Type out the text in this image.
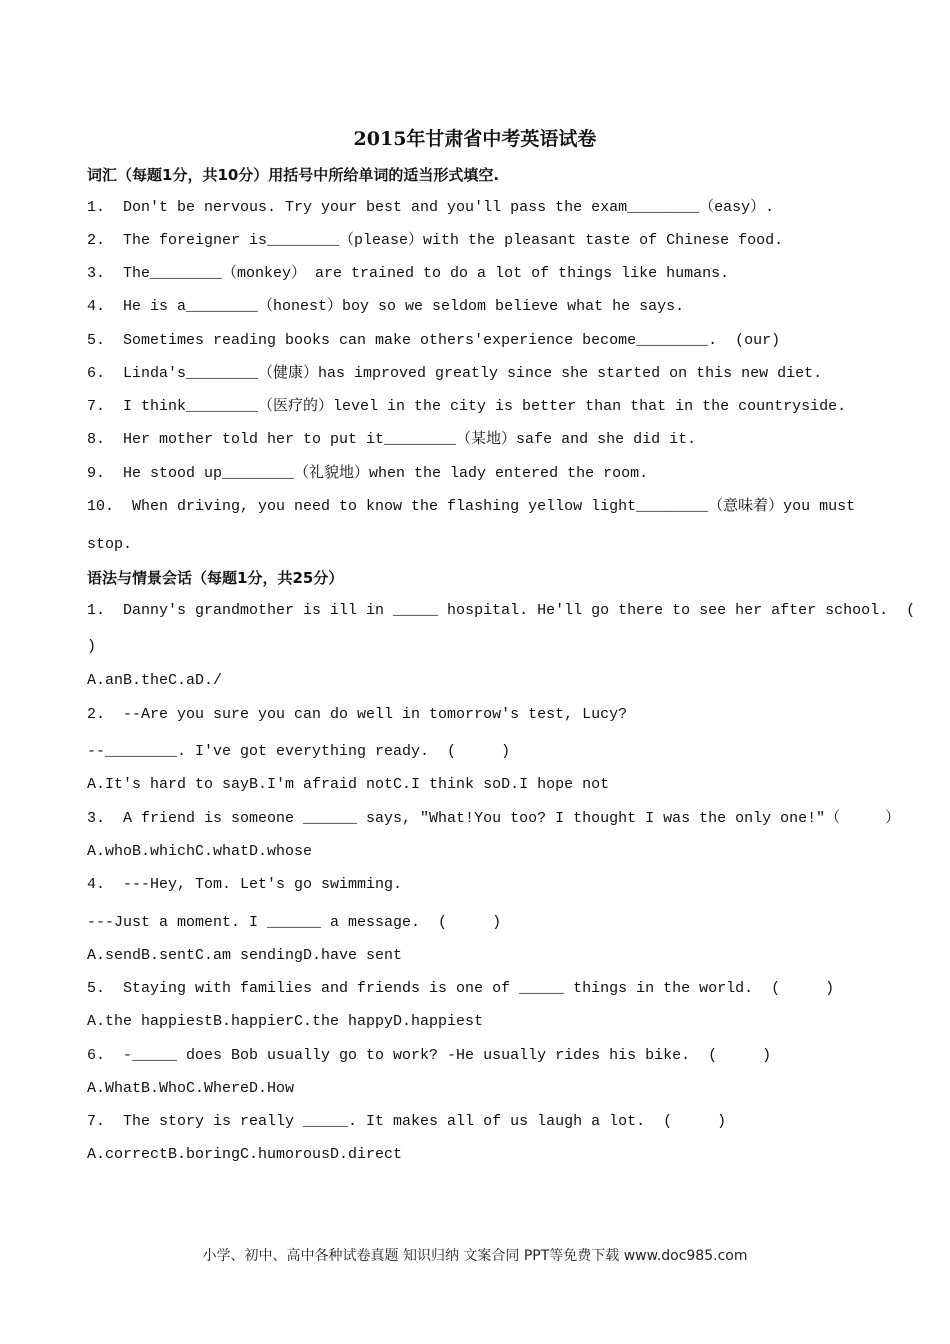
2015年甘肃省中考英语试卷
词汇（每题1分，共10分）用括号中所给单词的适当形式填空.
1.  Don't be nervous. Try your best and you'll pass the exam________（easy）.
2.  The foreigner is________（please）with the pleasant taste of Chinese food.
3.  The________（monkey） are trained to do a lot of things like humans.
4.  He is a________（honest）boy so we seldom believe what he says.
5.  Sometimes reading books can make others'experience become________.  (our)
6.  Linda's________（健康）has improved greatly since she started on this new diet.
7.  I think________（医疗的）level in the city is better than that in the countryside.
8.  Her mother told her to put it________（某地）safe and she did it.
9.  He stood up________（礼貌地）when the lady entered the room.
10.  When driving, you need to know the flashing yellow light________（意味着）you must
stop.
语法与情景会话（每题1分，共25分）
1.  Danny's grandmother is ill in _____ hospital. He'll go there to see her after school.  (
)
A.anB.theC.aD./
2.  --Are you sure you can do well in tomorrow's test, Lucy?
--________. I've got everything ready.  (     )
A.It's hard to sayB.I'm afraid notC.I think soD.I hope not
3.  A friend is someone ______ says, "What!You too? I thought I was the only one!"（     ）
A.whoB.whichC.whatD.whose
4.  ---Hey, Tom. Let's go swimming.
---Just a moment. I ______ a message.  (     )
A.sendB.sentC.am sendingD.have sent
5.  Staying with families and friends is one of _____ things in the world.  (     )
A.the happiestB.happierC.the happyD.happiest
6.  -_____ does Bob usually go to work? -He usually rides his bike.  (     )
A.WhatB.WhoC.WhereD.How
7.  The story is really _____. It makes all of us laugh a lot.  (     )
A.correctB.boringC.humorousD.direct
小学、初中、高中各种试卷真题 知识归纳 文案合同 PPT等免费下载 www.doc985.com
